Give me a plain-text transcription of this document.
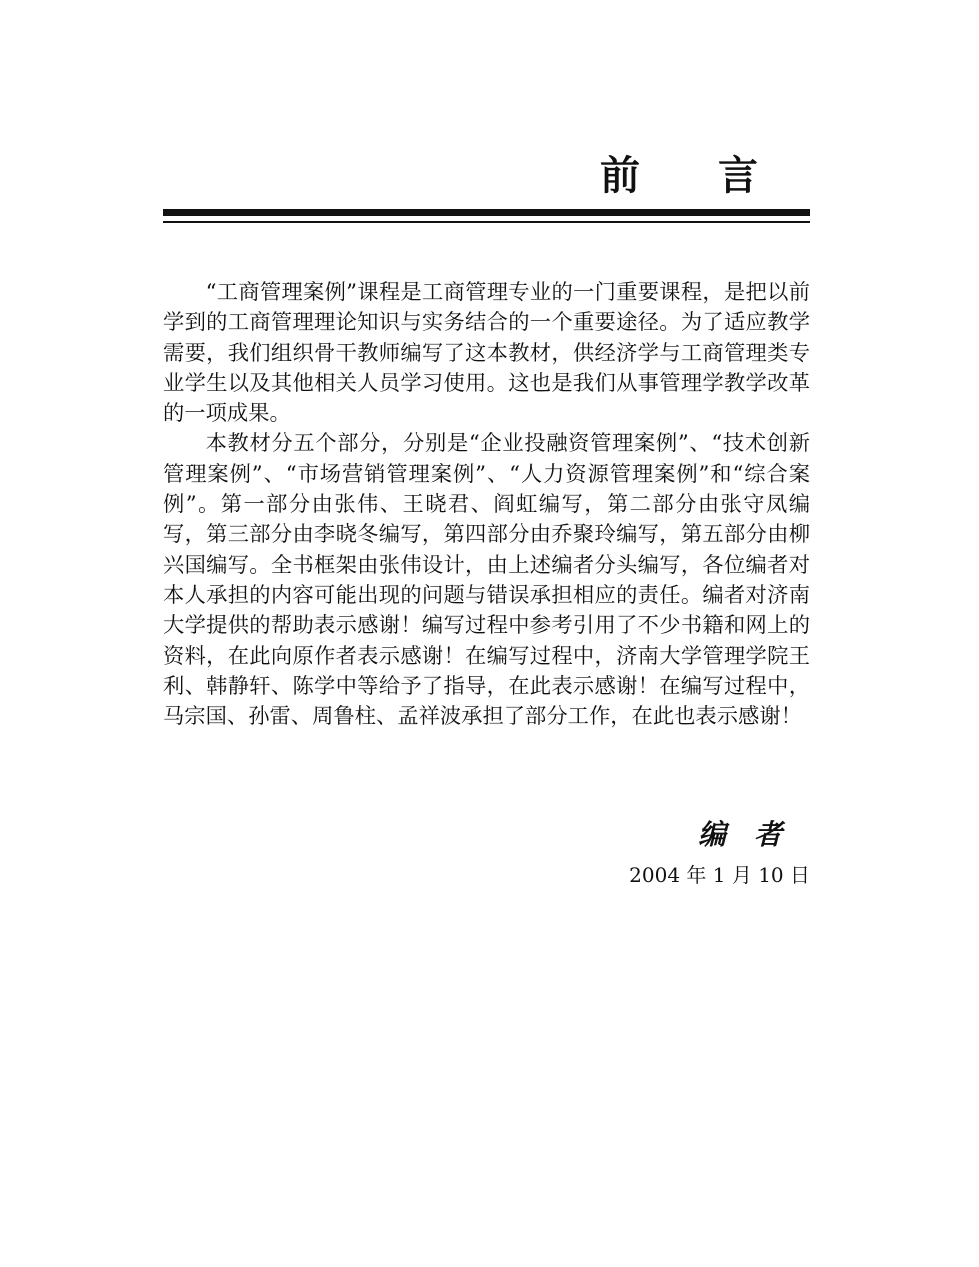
前言

“工商管理案例”课程是工商管理专业的一门重要课程，是把以前学到的工商管理理论知识与实务结合的一个重要途径。为了适应教学需要，我们组织骨干教师编写了这本教材，供经济学与工商管理类专业学生以及其他相关人员学习使用。这也是我们从事管理学教学改革的一项成果。

本教材分五个部分，分别是“企业投融资管理案例”、“技术创新管理案例”、“市场营销管理案例”、“人力资源管理案例”和“综合案例”。第一部分由张伟、王晓君、阎虹编写，第二部分由张守凤编写，第三部分由李晓冬编写，第四部分由乔聚玲编写，第五部分由柳兴国编写。全书框架由张伟设计，由上述编者分头编写，各位编者对本人承担的内容可能出现的问题与错误承担相应的责任。编者对济南大学提供的帮助表示感谢！编写过程中参考引用了不少书籍和网上的资料，在此向原作者表示感谢！在编写过程中，济南大学管理学院王利、韩静轩、陈学中等给予了指导，在此表示感谢！在编写过程中，马宗国、孙雷、周鲁柱、孟祥波承担了部分工作，在此也表示感谢！

编者
2004 年 1 月 10 日
